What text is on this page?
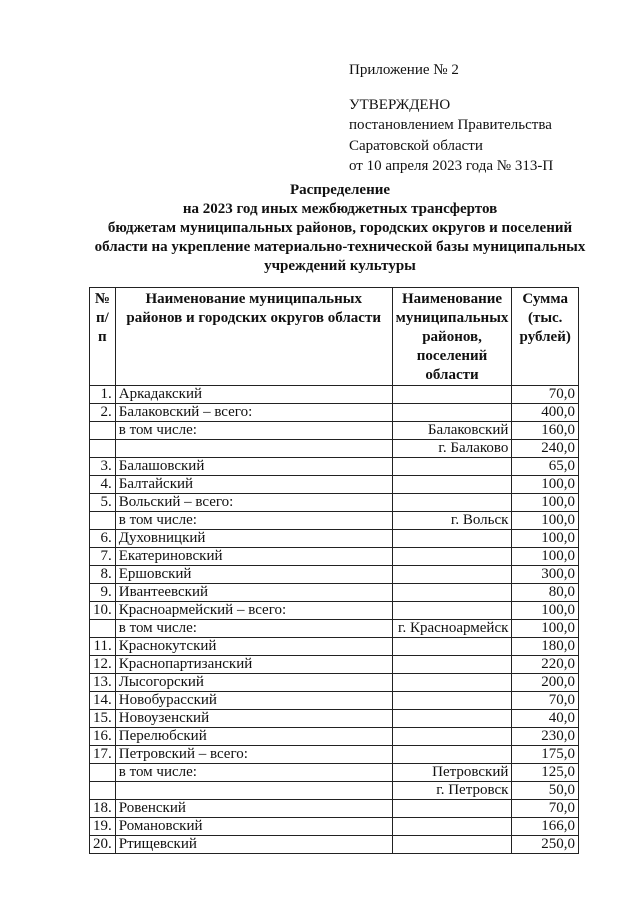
Приложение № 2
УТВЕРЖДЕНО
постановлением Правительства
Саратовской области
от 10 апреля 2023 года № 313-П
Распределение
на 2023 год иных межбюджетных трансфертов
бюджетам муниципальных районов, городских округов и поселений
области на укрепление материально-технической базы муниципальных
учреждений культуры
№ п/п	Наименование муниципальных районов и городских округов области	Наименование муниципальных районов, поселений области	Сумма (тыс. рублей)
1.	Аркадакский		70,0
2.	Балаковский – всего:		400,0
	в том числе:	Балаковский	160,0
		г. Балаково	240,0
3.	Балашовский		65,0
4.	Балтайский		100,0
5.	Вольский – всего:		100,0
	в том числе:	г. Вольск	100,0
6.	Духовницкий		100,0
7.	Екатериновский		100,0
8.	Ершовский		300,0
9.	Ивантеевский		80,0
10.	Красноармейский – всего:		100,0
	в том числе:	г. Красноармейск	100,0
11.	Краснокутский		180,0
12.	Краснопартизанский		220,0
13.	Лысогорский		200,0
14.	Новобурасский		70,0
15.	Новоузенский		40,0
16.	Перелюбский		230,0
17.	Петровский – всего:		175,0
	в том числе:	Петровский	125,0
		г. Петровск	50,0
18.	Ровенский		70,0
19.	Романовский		166,0
20.	Ртищевский		250,0
